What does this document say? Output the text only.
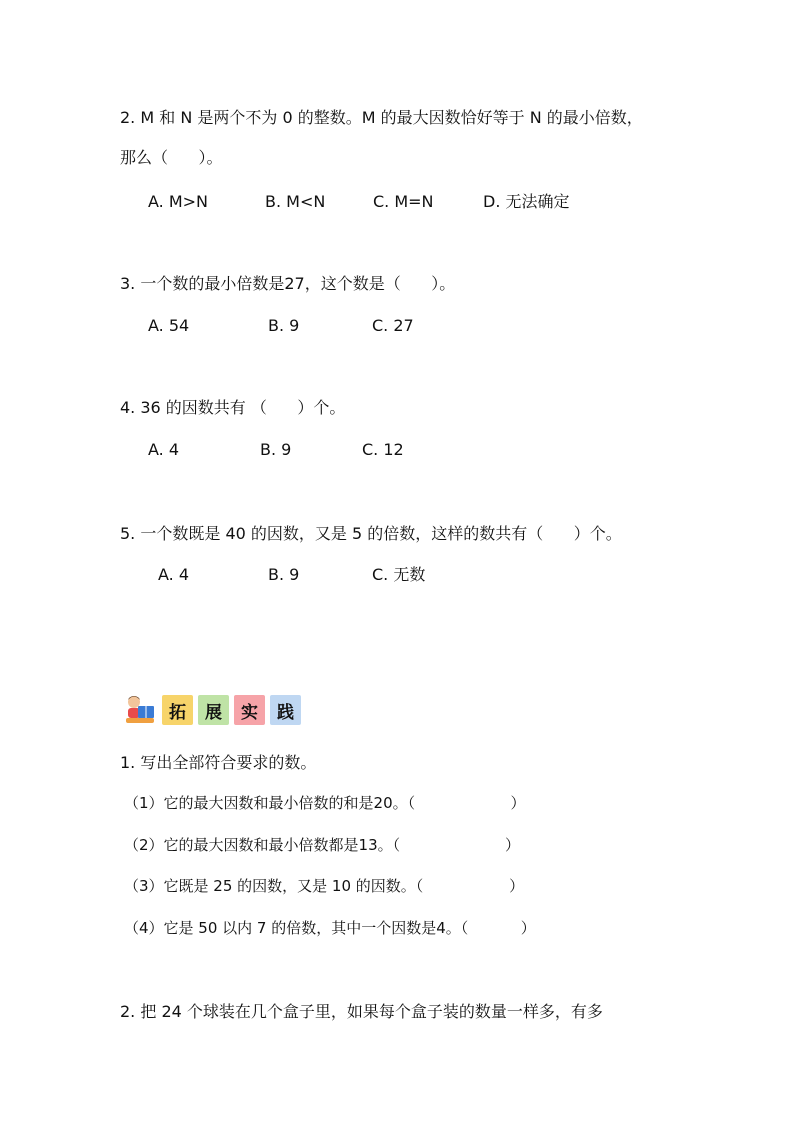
2. M 和 N 是两个不为 0 的整数。M 的最大因数恰好等于 N 的最小倍数，
那么（      ）。
A. M>N	B. M<N	C. M=N	D. 无法确定
3. 一个数的最小倍数是27，这个数是（      ）。
A. 54	B. 9	C. 27
4. 36 的因数共有 （      ）个。
A. 4	B. 9	C. 12
5. 一个数既是 40 的因数，又是 5 的倍数，这样的数共有（      ）个。
A. 4	B. 9	C. 无数
拓	展	实	践
1. 写出全部符合要求的数。
（1）它的最大因数和最小倍数的和是20。（                    ）
（2）它的最大因数和最小倍数都是13。（                      ）
（3）它既是 25 的因数，又是 10 的因数。（                  ）
（4）它是 50 以内 7 的倍数，其中一个因数是4。（           ）
2. 把 24 个球装在几个盒子里，如果每个盒子装的数量一样多，有多
